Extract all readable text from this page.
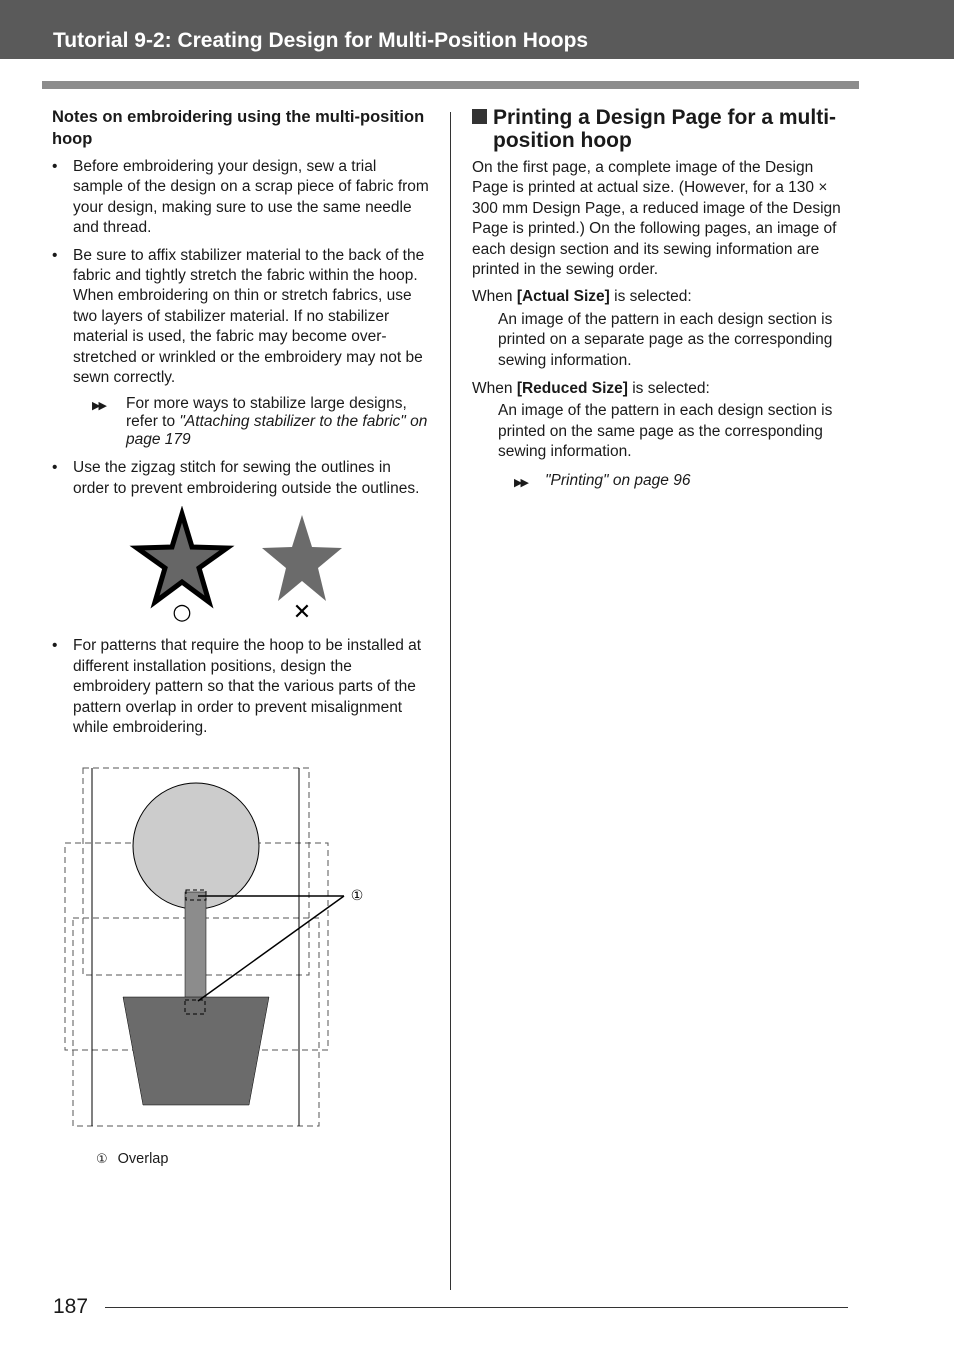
Tutorial 9-2: Creating Design for Multi-Position Hoops
Notes on embroidering using the multi-position hoop
• Before embroidering your design, sew a trial sample of the design on a scrap piece of fabric from your design, making sure to use the same needle and thread.
• Be sure to affix stabilizer material to the back of the fabric and tightly stretch the fabric within the hoop. When embroidering on thin or stretch fabrics, use two layers of stabilizer material. If no stabilizer material is used, the fabric may become over-stretched or wrinkled or the embroidery may not be sewn correctly.
▶▶ For more ways to stabilize large designs, refer to "Attaching stabilizer to the fabric" on page 179
• Use the zigzag stitch for sewing the outlines in order to prevent embroidering outside the outlines.
○	✕
• For patterns that require the hoop to be installed at different installation positions, design the embroidery pattern so that the various parts of the pattern overlap in order to prevent misalignment while embroidering.
①
① Overlap
Printing a Design Page for a multi-position hoop

On the first page, a complete image of the Design Page is printed at actual size. (However, for a 130 × 300 mm Design Page, a reduced image of the Design Page is printed.) On the following pages, an image of each design section and its sewing information are printed in the sewing order.

When [Actual Size] is selected:

An image of the pattern in each design section is printed on a separate page as the corresponding sewing information.

When [Reduced Size] is selected:

An image of the pattern in each design section is printed on the same page as the corresponding sewing information.

▶▶ "Printing" on page 96
187
